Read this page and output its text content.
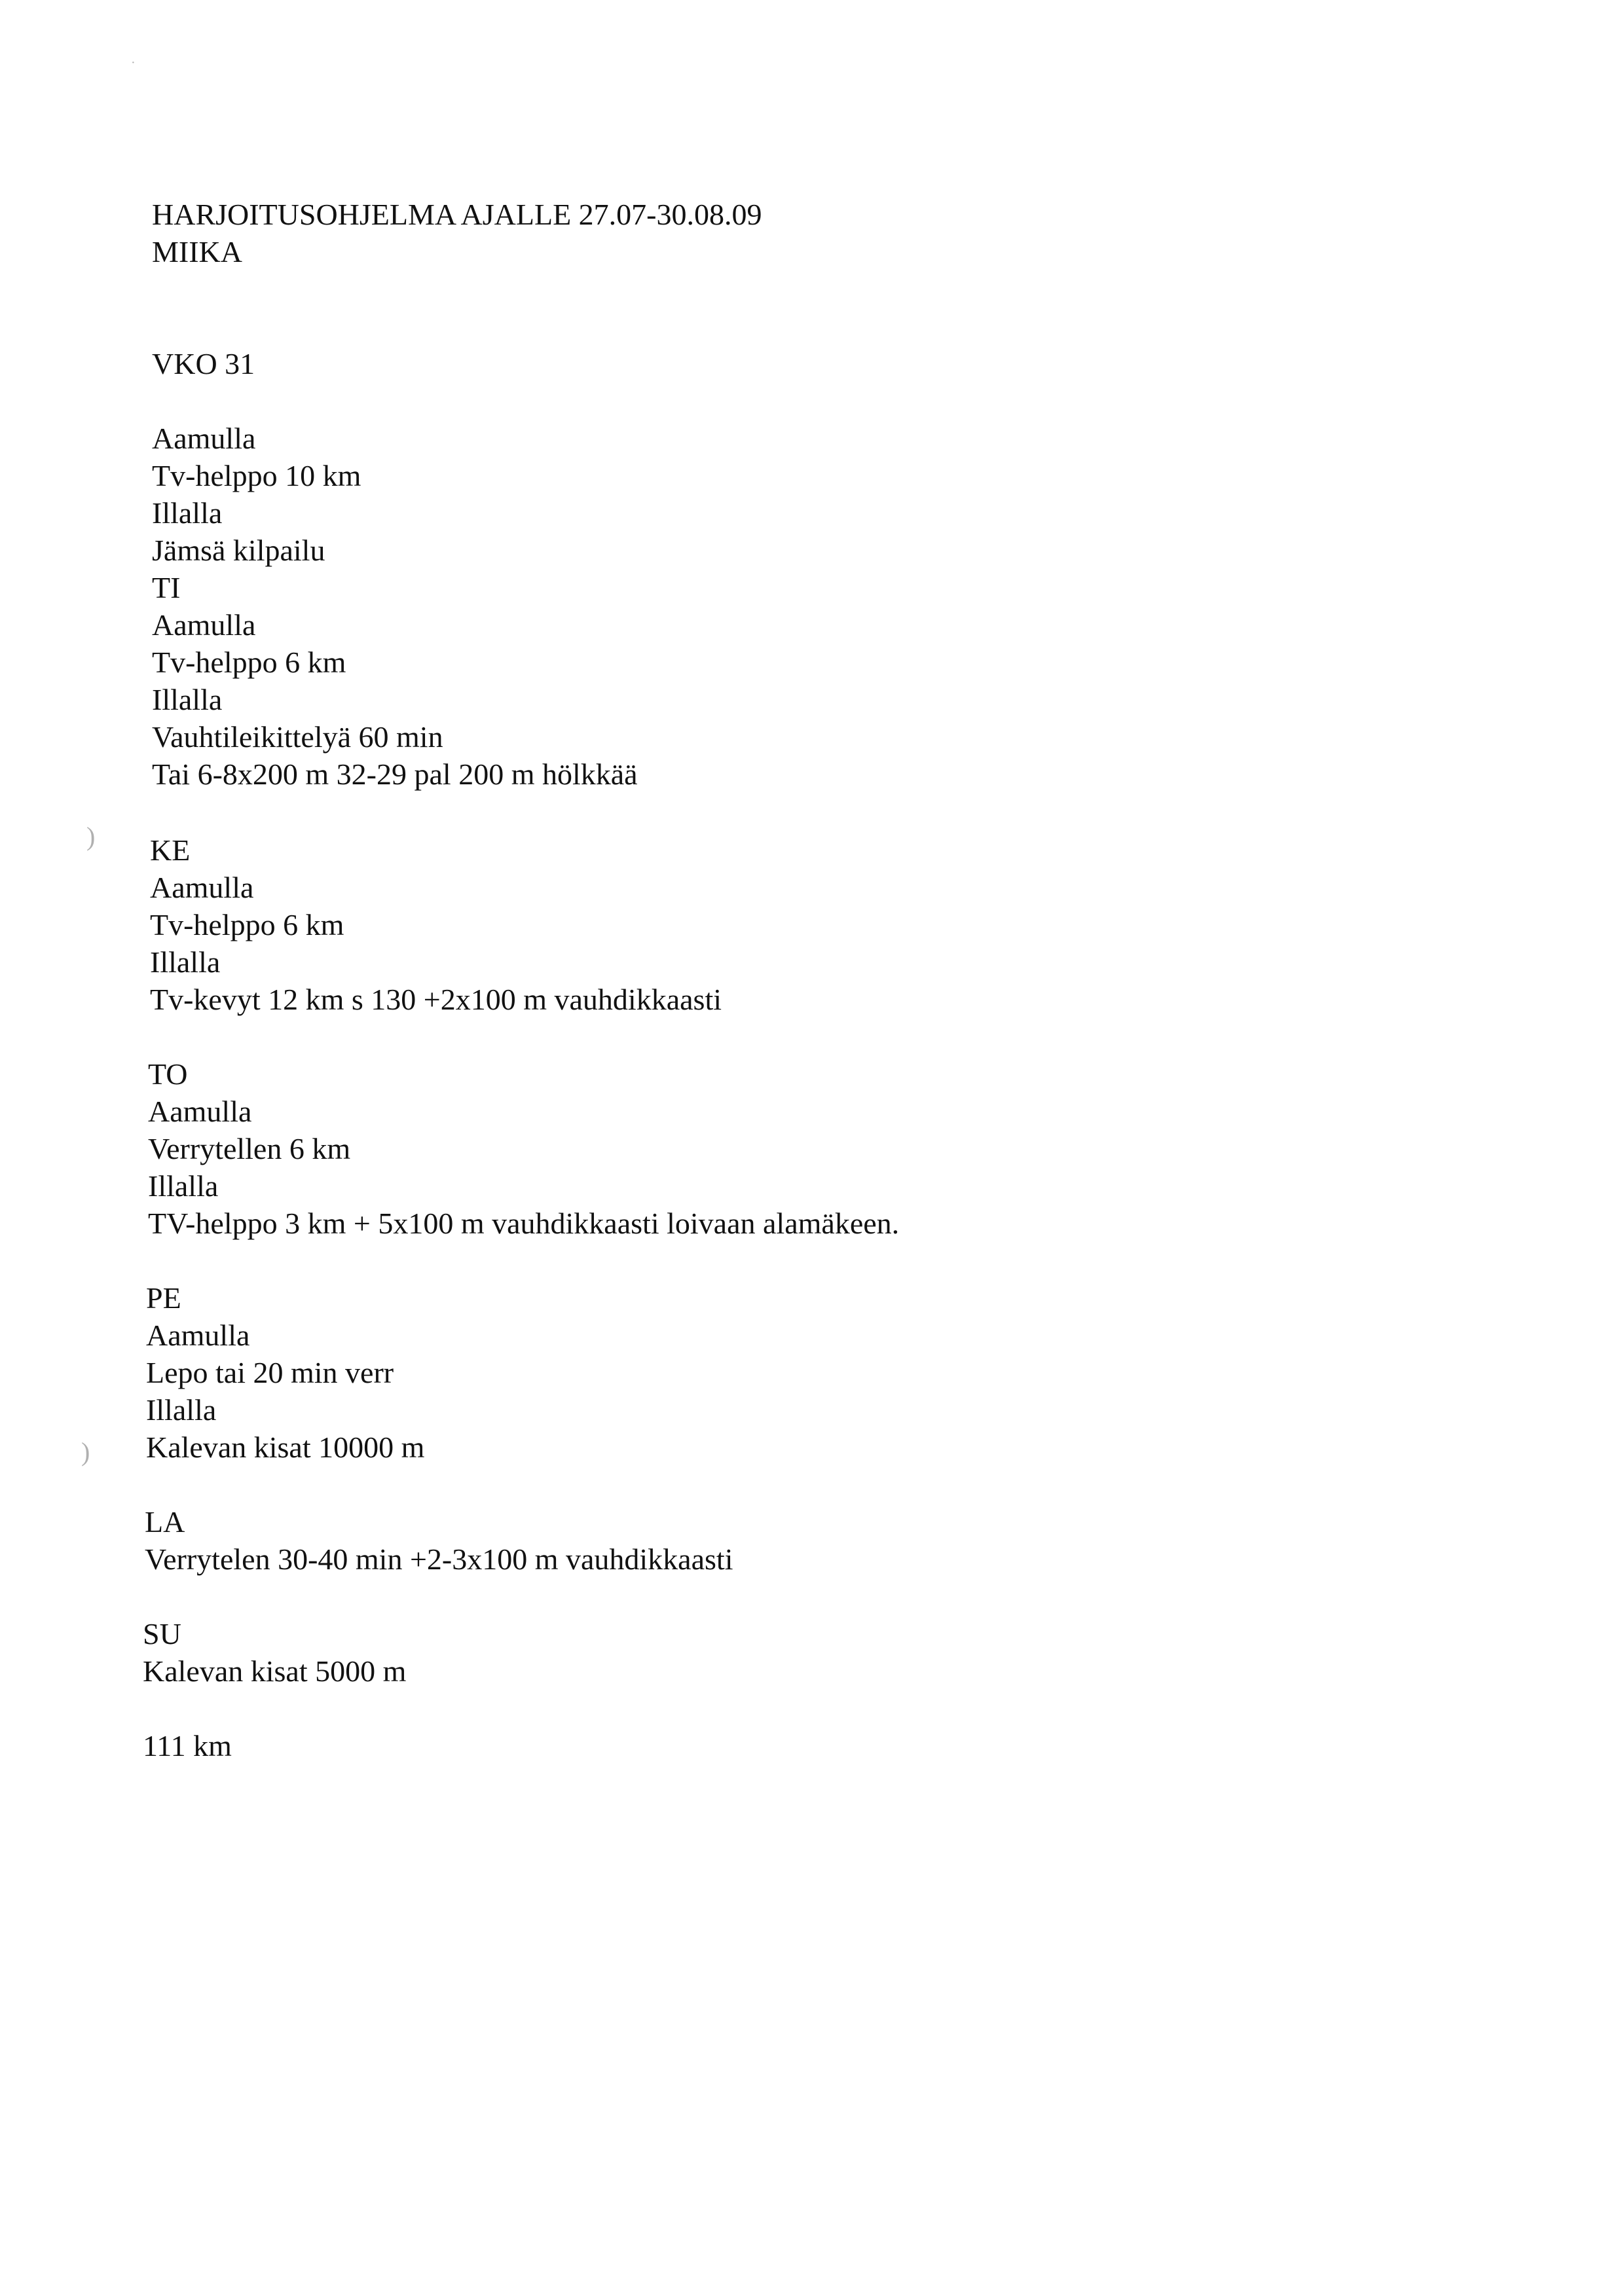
HARJOITUSOHJELMA AJALLE 27.07-30.08.09
MIIKA
VKO 31
Aamulla
Tv-helppo 10 km
Illalla
Jämsä kilpailu
TI
Aamulla
Tv-helppo 6 km
Illalla
Vauhtileikittelyä 60 min
Tai 6-8x200 m 32-29 pal 200 m hölkkää
KE
Aamulla
Tv-helppo 6 km
Illalla
Tv-kevyt 12 km s 130 +2x100 m vauhdikkaasti
TO
Aamulla
Verrytellen 6 km
Illalla
TV-helppo 3 km + 5x100 m vauhdikkaasti loivaan alamäkeen.
PE
Aamulla
Lepo tai 20 min verr
Illalla
Kalevan kisat 10000 m
LA
Verrytelen 30-40 min +2-3x100 m vauhdikkaasti
SU
Kalevan kisat 5000 m
111 km
)
)
·
